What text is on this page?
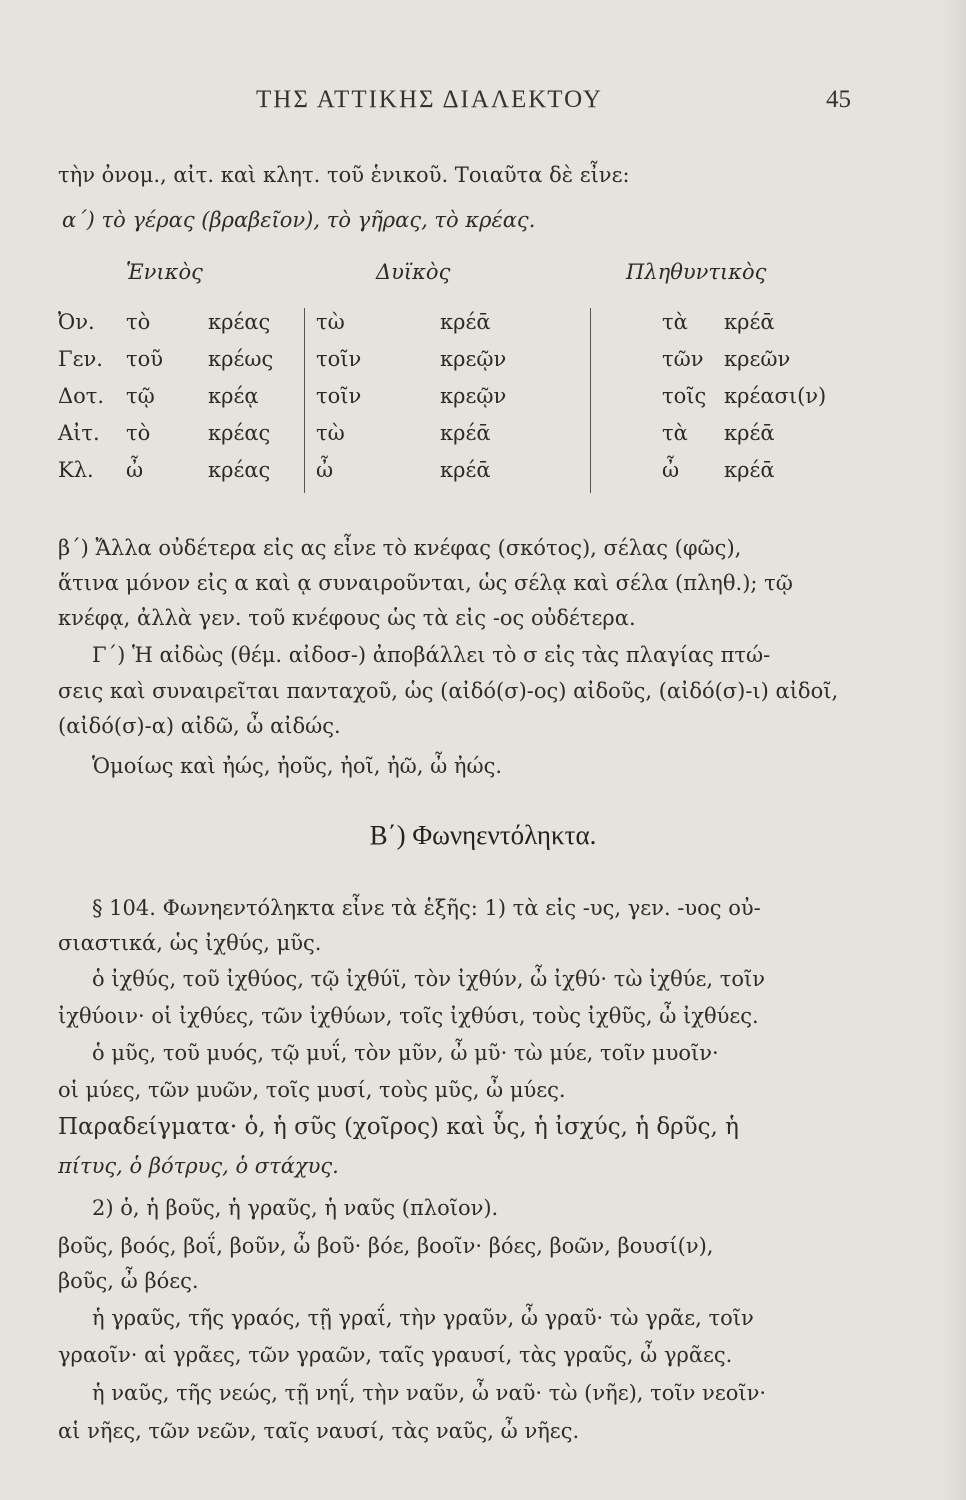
ΤΗΣ ΑΤΤΙΚΗΣ ΔΙΑΛΕΚΤΟΥ	45
τὴν ὀνομ., αἰτ. καὶ κλητ. τοῦ ἑνικοῦ. Τοιαῦτα δὲ εἶνε:
α΄) τὸ γέρας (βραβεῖον), τὸ γῆρας, τὸ κρέας.
Ἑνικὸς	Δυϊκὸς	Πληθυντικὸς
Ὀν. τὸ	κρέας τὼ	κρέᾱ	τὰ κρέᾱ
Γεν. τοῦ κρέως τοῖν	κρεῷν	τῶν κρεῶν
Δοτ. τῷ	κρέᾳ	τοῖν	κρεῷν	τοῖς κρέασι(ν)
Αἰτ. τὸ	κρέας τὼ	κρέᾱ	τὰ κρέᾱ
Κλ. ὦ	κρέας ὦ	κρέᾱ	ὦ κρέᾱ
β΄) Ἄλλα οὐδέτερα εἰς ας εἶνε τὸ κνέφας (σκότος), σέλας (φῶς),
ἅτινα μόνον εἰς α καὶ ᾳ συναιροῦνται, ὡς σέλᾳ καὶ σέλα (πληθ.); τῷ
κνέφᾳ, ἀλλὰ γεν. τοῦ κνέφους ὡς τὰ εἰς -ος οὐδέτερα.
Γ΄) Ἡ αἰδὼς (θέμ. αἰδοσ-) ἀποβάλλει τὸ σ εἰς τὰς πλαγίας πτώ-
σεις καὶ συναιρεῖται πανταχοῦ, ὡς (αἰδό(σ)-ος) αἰδοῦς, (αἰδό(σ)-ι) αἰδοῖ,
(αἰδό(σ)-α) αἰδῶ, ὦ αἰδώς.
Ὁμοίως καὶ ἠώς, ἠοῦς, ἠοῖ, ἠῶ, ὦ ἠώς.
Β΄) Φωνηεντόληκτα.
§ 104. Φωνηεντόληκτα εἶνε τὰ ἑξῆς: 1) τὰ εἰς -υς, γεν. -υος οὐ-
σιαστικά, ὡς ἰχθύς, μῦς.
ὁ ἰχθύς, τοῦ ἰχθύος, τῷ ἰχθύϊ, τὸν ἰχθύν, ὦ ἰχθύ· τὼ ἰχθύε, τοῖν
ἰχθύοιν· οἱ ἰχθύες, τῶν ἰχθύων, τοῖς ἰχθύσι, τοὺς ἰχθῦς, ὦ ἰχθύες.
ὁ μῦς, τοῦ μυός, τῷ μυΐ, τὸν μῦν, ὦ μῦ· τὼ μύε, τοῖν μυοῖν·
οἱ μύες, τῶν μυῶν, τοῖς μυσί, τοὺς μῦς, ὦ μύες.
Παραδείγματα· ὁ, ἡ σῦς (χοῖρος) καὶ ὗς, ἡ ἰσχύς, ἡ δρῦς, ἡ
πίτυς, ὁ βότρυς, ὁ στάχυς.
2) ὁ, ἡ βοῦς, ἡ γραῦς, ἡ ναῦς (πλοῖον).
βοῦς, βοός, βοΐ, βοῦν, ὦ βοῦ· βόε, βοοῖν· βόες, βοῶν, βουσί(ν),
βοῦς, ὦ βόες.
ἡ γραῦς, τῆς γραός, τῇ γραΐ, τὴν γραῦν, ὦ γραῦ· τὼ γρᾶε, τοῖν
γραοῖν· αἱ γρᾶες, τῶν γραῶν, ταῖς γραυσί, τὰς γραῦς, ὦ γρᾶες.
ἡ ναῦς, τῆς νεώς, τῇ νηΐ, τὴν ναῦν, ὦ ναῦ· τὼ (νῆε), τοῖν νεοῖν·
αἱ νῆες, τῶν νεῶν, ταῖς ναυσί, τὰς ναῦς, ὦ νῆες.
